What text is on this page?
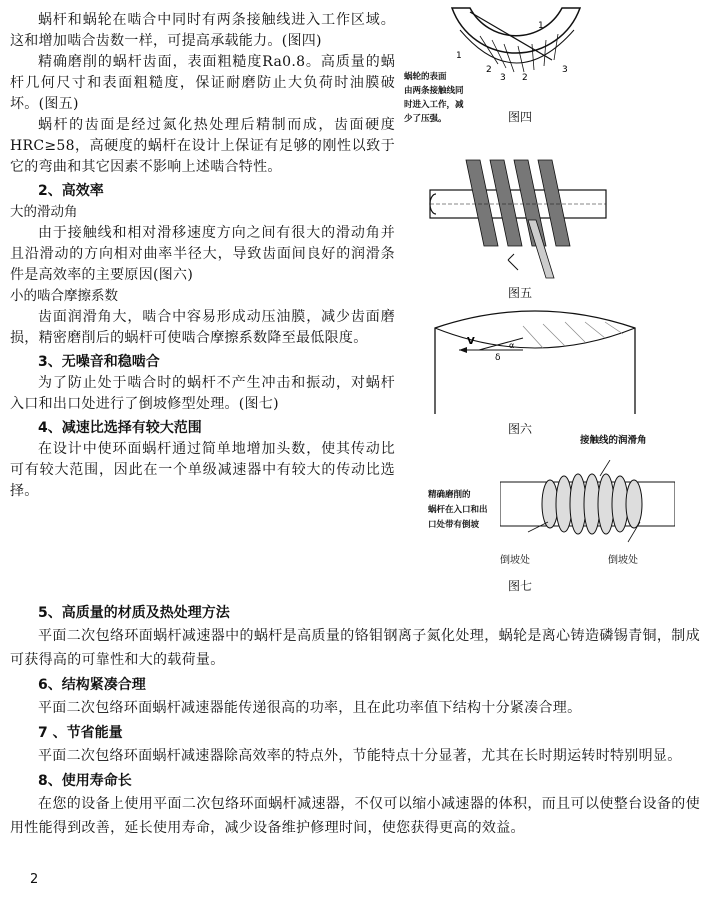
蜗杆和蜗轮在啮合中同时有两条接触线进入工作区域。这和增加啮合齿数一样，可提高承载能力。(图四)

精确磨削的蜗杆齿面，表面粗糙度Ra0.8。高质量的蜗杆几何尺寸和表面粗糙度，保证耐磨防止大负荷时油膜破坏。(图五)

蜗杆的齿面是经过氮化热处理后精制而成，齿面硬度HRC≥58，高硬度的蜗杆在设计上保证有足够的刚性以致于它的弯曲和其它因素不影响上述啮合特性。

2、高效率
大的滑动角

由于接触线和相对滑移速度方向之间有很大的滑动角并且沿滑动的方向相对曲率半径大，导致齿面间良好的润滑条件是高效率的主要原因(图六)

小的啮合摩擦系数

齿面润滑角大，啮合中容易形成动压油膜，减少齿面磨损，精密磨削后的蜗杆可使啮合摩擦系数降至最低限度。

3、无噪音和稳啮合

为了防止处于啮合时的蜗杆不产生冲击和振动，对蜗杆入口和出口处进行了倒坡修型处理。(图七)

4、减速比选择有较大范围

在设计中使环面蜗杆通过简单地增加头数，使其传动比可有较大范围，因此在一个单级减速器中有较大的传动比选择。

1
1
2
2
3
3
蜗轮的表面
由两条接触线同
时进入工作，减
少了压强。	图四
图五
V
δ
α
图六
接触线的润滑角
精确磨削的
蜗杆在入口和出
口处带有倒坡
倒坡处	倒坡处
图七
5、高质量的材质及热处理方法

平面二次包络环面蜗杆减速器中的蜗杆是高质量的铬钼钢离子氮化处理，蜗轮是离心铸造磷锡青铜，制成可获得高的可靠性和大的载荷量。

6、结构紧凑合理

平面二次包络环面蜗杆减速器能传递很高的功率，且在此功率值下结构十分紧凑合理。

7 、节省能量

平面二次包络环面蜗杆减速器除高效率的特点外，节能特点十分显著，尤其在长时期运转时特别明显。

8、使用寿命长

在您的设备上使用平面二次包络环面蜗杆减速器，不仅可以缩小减速器的体积，而且可以使整台设备的使用性能得到改善，延长使用寿命，减少设备维护修理时间，使您获得更高的效益。

2
